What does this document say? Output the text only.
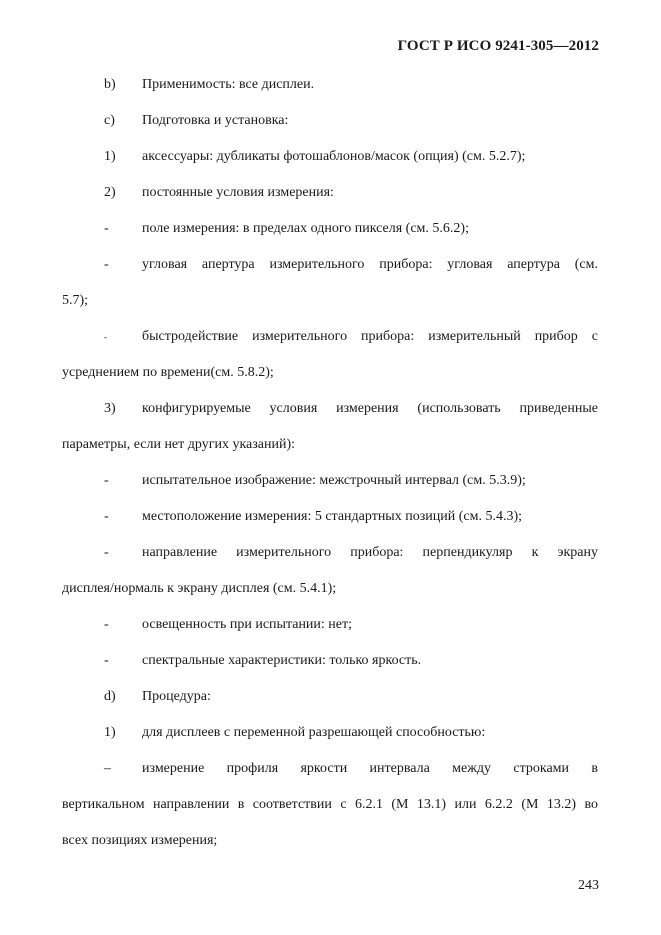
ГОСТ Р ИСО 9241-305—2012
b) Применимость: все дисплеи.
c) Подготовка и установка:
1) аксессуары: дубликаты фотошаблонов/масок (опция) (см. 5.2.7);
2) постоянные условия измерения:
- поле измерения: в пределах одного пикселя (см. 5.6.2);
- угловая апертура измерительного прибора: угловая апертура (см.
5.7);
-	быстродействие измерительного прибора: измерительный прибор с
усреднением по времени(см. 5.8.2);
3) конфигурируемые условия измерения (использовать приведенные
параметры, если нет других указаний):
- испытательное изображение: межстрочный интервал (см. 5.3.9);
- местоположение измерения: 5 стандартных позиций (см. 5.4.3);
- направление измерительного прибора: перпендикуляр к экрану
дисплея/нормаль к экрану дисплея (см. 5.4.1);
- освещенность при испытании: нет;
- спектральные характеристики: только яркость.
d) Процедура:
1) для дисплеев с переменной разрешающей способностью:
– измерение профиля яркости интервала между строками в
вертикальном направлении в соответствии с 6.2.1 (М 13.1) или 6.2.2 (М 13.2) во
всех позициях измерения;
243
